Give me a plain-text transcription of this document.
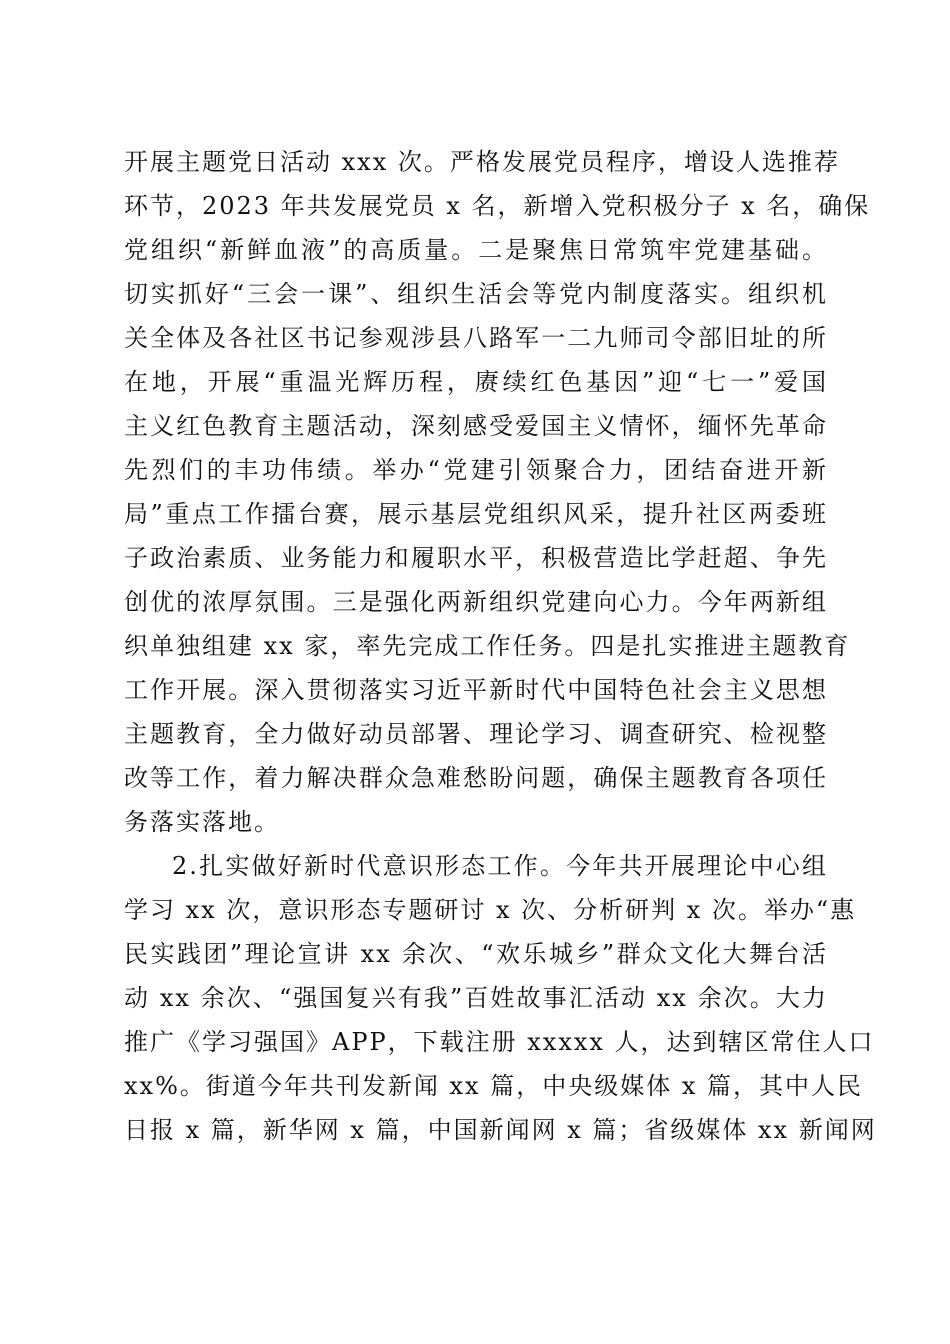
开展主题党日活动 xxx 次。严格发展党员程序，增设人选推荐
环节，2023 年共发展党员 x 名，新增入党积极分子 x 名，确保
党组织“新鲜血液”的高质量。二是聚焦日常筑牢党建基础。
切实抓好“三会一课”、组织生活会等党内制度落实。组织机
关全体及各社区书记参观涉县八路军一二九师司令部旧址的所
在地，开展“重温光辉历程，赓续红色基因”迎“七一”爱国
主义红色教育主题活动，深刻感受爱国主义情怀，缅怀先革命
先烈们的丰功伟绩。举办“党建引领聚合力，团结奋进开新
局”重点工作擂台赛，展示基层党组织风采，提升社区两委班
子政治素质、业务能力和履职水平，积极营造比学赶超、争先
创优的浓厚氛围。三是强化两新组织党建向心力。今年两新组
织单独组建 xx 家，率先完成工作任务。四是扎实推进主题教育
工作开展。深入贯彻落实习近平新时代中国特色社会主义思想
主题教育，全力做好动员部署、理论学习、调查研究、检视整
改等工作，着力解决群众急难愁盼问题，确保主题教育各项任
务落实落地。
2.扎实做好新时代意识形态工作。今年共开展理论中心组
学习 xx 次，意识形态专题研讨 x 次、分析研判 x 次。举办“惠
民实践团”理论宣讲 xx 余次、“欢乐城乡”群众文化大舞台活
动 xx 余次、“强国复兴有我”百姓故事汇活动 xx 余次。大力
推广《学习强国》APP，下载注册 xxxxx 人，达到辖区常住人口
xx%。街道今年共刊发新闻 xx 篇，中央级媒体 x 篇，其中人民
日报 x 篇，新华网 x 篇，中国新闻网 x 篇；省级媒体 xx 新闻网
